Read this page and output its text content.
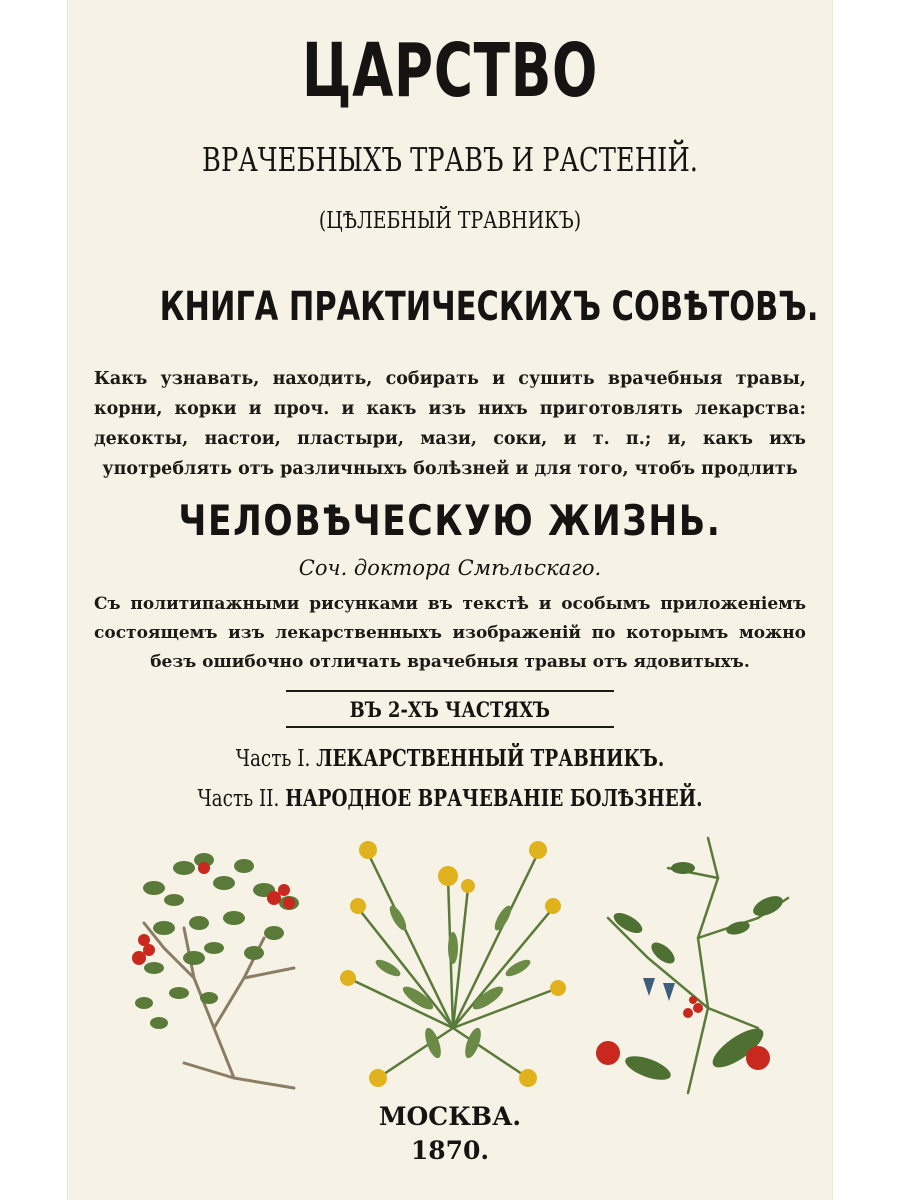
ЦАРСТВО
ВРАЧЕБНЫХЪ ТРАВЪ И РАСТЕНІЙ.
(ЦѢЛЕБНЫЙ ТРАВНИКЪ)
КНИГА ПРАКТИЧЕСКИХЪ СОВѢТОВЪ.
Какъ узнавать, находить, собирать и сушить врачебныя травы, корни, корки и проч. и какъ изъ нихъ приготовлять лекарства: декокты, настои, пластыри, мази, соки, и т. п.; и, какъ ихъ употреблять отъ различныхъ болѣзней и для того, чтобъ продлить
ЧЕЛОВѢЧЕСКУЮ ЖИЗНЬ.
Соч. доктора Смѣльскаго.
Съ политипажными рисунками въ текстѣ и особымъ приложеніемъ состоящемъ изъ лекарственныхъ изображеній по которымъ можно безъ ошибочно отличать врачебныя травы отъ ядовитыхъ.
ВЪ 2-ХЪ ЧАСТЯХЪ
Часть I. ЛЕКАРСТВЕННЫЙ ТРАВНИКЪ.
Часть II. НАРОДНОЕ ВРАЧЕВАНІЕ БОЛѢЗНЕЙ.
МОСКВА.
1870.
